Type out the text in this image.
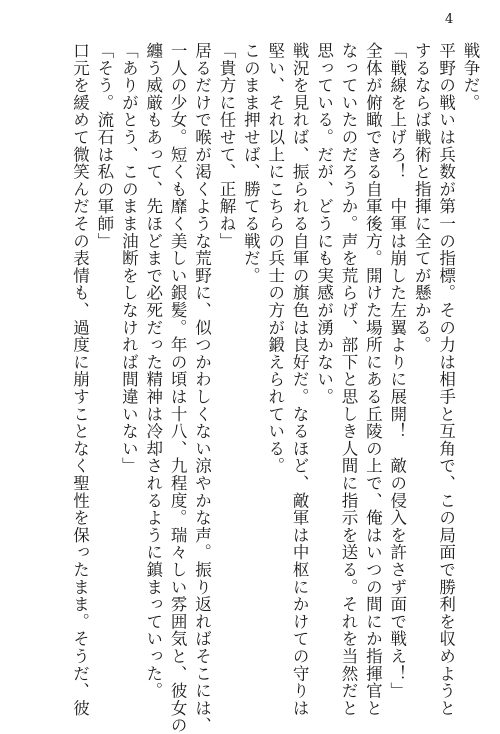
4
戦争だ。
平野の戦いは兵数が第一の指標。その力は相手と互角で、この局面で勝利を収めようと
するならば戦術と指揮に全てが懸かる。
「戦線を上げろ！　中軍は崩した左翼よりに展開！　敵の侵入を許さず面で戦え！」
全体が俯瞰できる自軍後方。開けた場所にある丘陵の上で、俺はいつの間にか指揮官と
なっていたのだろうか。声を荒らげ、部下と思しき人間に指示を送る。それを当然だと
思っている。だが、どうにも実感が湧かない。
戦況を見れば、振られる自軍の旗色は良好だ。なるほど、敵軍は中枢にかけての守りは
堅い、それ以上にこちらの兵士の方が鍛えられている。
このまま押せば、勝てる戦だ。
「貴方に任せて、正解ね」
居るだけで喉が渇くような荒野に、似つかわしくない涼やかな声。振り返ればそこには、
一人の少女。短くも靡く美しい銀髪。年の頃は十八、九程度。瑞々しい雰囲気と、彼女の
纏う威厳もあって、先ほどまで必死だった精神は冷却されるように鎮まっていった。
「ありがとう、このまま油断をしなければ間違いない」
「そう。流石は私の軍師」
口元を緩めて微笑んだその表情も、過度に崩すことなく聖性を保ったまま。そうだ、彼
